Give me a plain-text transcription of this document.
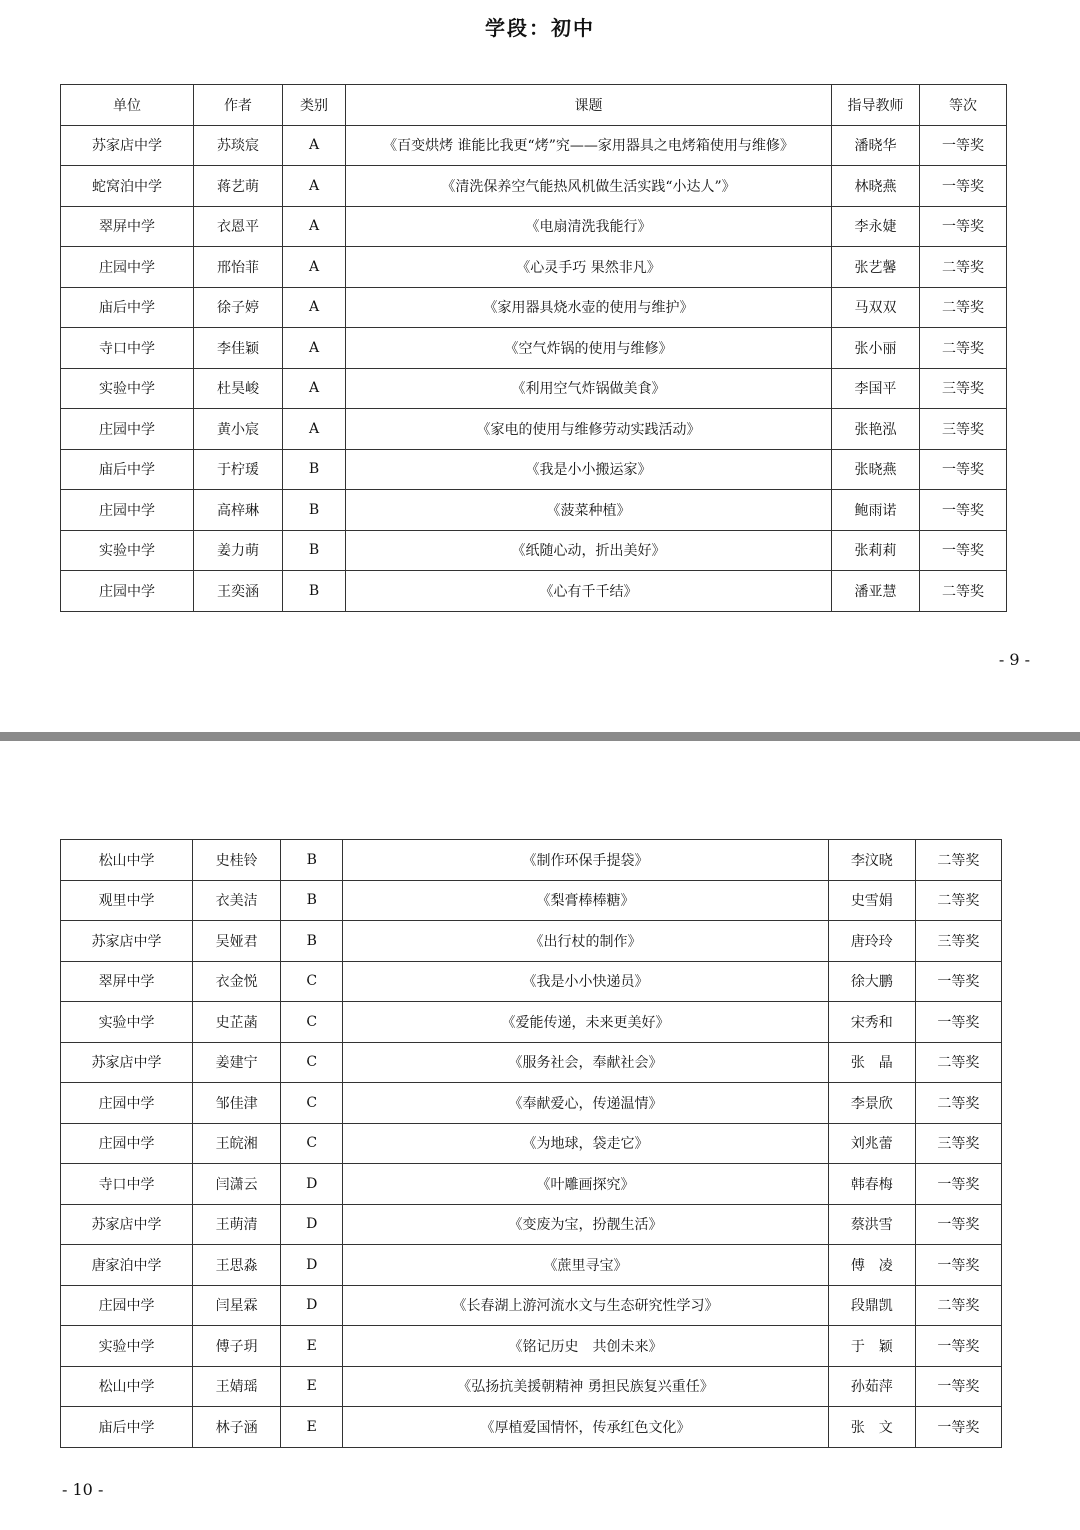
学段：初中
单位	作者	类别	课题	指导教师	等次
苏家店中学	苏琰宸	A	《百变烘烤 谁能比我更“烤”究——家用器具之电烤箱使用与维修》	潘晓华	一等奖
蛇窝泊中学	蒋艺萌	A	《清洗保养空气能热风机做生活实践“小达人”》	林晓燕	一等奖
翠屏中学	衣恩平	A	《电扇清洗我能行》	李永婕	一等奖
庄园中学	邢怡菲	A	《心灵手巧 果然非凡》	张艺馨	二等奖
庙后中学	徐子婷	A	《家用器具烧水壶的使用与维护》	马双双	二等奖
寺口中学	李佳颖	A	《空气炸锅的使用与维修》	张小丽	二等奖
实验中学	杜昊峻	A	《利用空气炸锅做美食》	李国平	三等奖
庄园中学	黄小宸	A	《家电的使用与维修劳动实践活动》	张艳泓	三等奖
庙后中学	于柠瑗	B	《我是小小搬运家》	张晓燕	一等奖
庄园中学	高梓琳	B	《菠菜种植》	鲍雨诺	一等奖
实验中学	姜力萌	B	《纸随心动，折出美好》	张莉莉	一等奖
庄园中学	王奕涵	B	《心有千千结》	潘亚慧	二等奖
- 9 -
松山中学	史桂铃	B	《制作环保手提袋》	李汶晓	二等奖
观里中学	衣美洁	B	《梨膏棒棒糖》	史雪娟	二等奖
苏家店中学	吴娅君	B	《出行杖的制作》	唐玲玲	三等奖
翠屏中学	衣金悦	C	《我是小小快递员》	徐大鹏	一等奖
实验中学	史芷菡	C	《爱能传递，未来更美好》	宋秀和	一等奖
苏家店中学	姜建宁	C	《服务社会，奉献社会》	张　晶	二等奖
庄园中学	邹佳津	C	《奉献爱心，传递温情》	李景欣	二等奖
庄园中学	王皖湘	C	《为地球，袋走它》	刘兆蕾	三等奖
寺口中学	闫潇云	D	《叶雕画探究》	韩春梅	一等奖
苏家店中学	王萌清	D	《变废为宝，扮靓生活》	蔡洪雪	一等奖
唐家泊中学	王思淼	D	《蔗里寻宝》	傅　凌	一等奖
庄园中学	闫星霖	D	《长春湖上游河流水文与生态研究性学习》	段鼎凯	二等奖
实验中学	傅子玥	E	《铭记历史　共创未来》	于　颖	一等奖
松山中学	王婧瑶	E	《弘扬抗美援朝精神 勇担民族复兴重任》	孙茹萍	一等奖
庙后中学	林子涵	E	《厚植爱国情怀，传承红色文化》	张　文	一等奖
- 10 -
